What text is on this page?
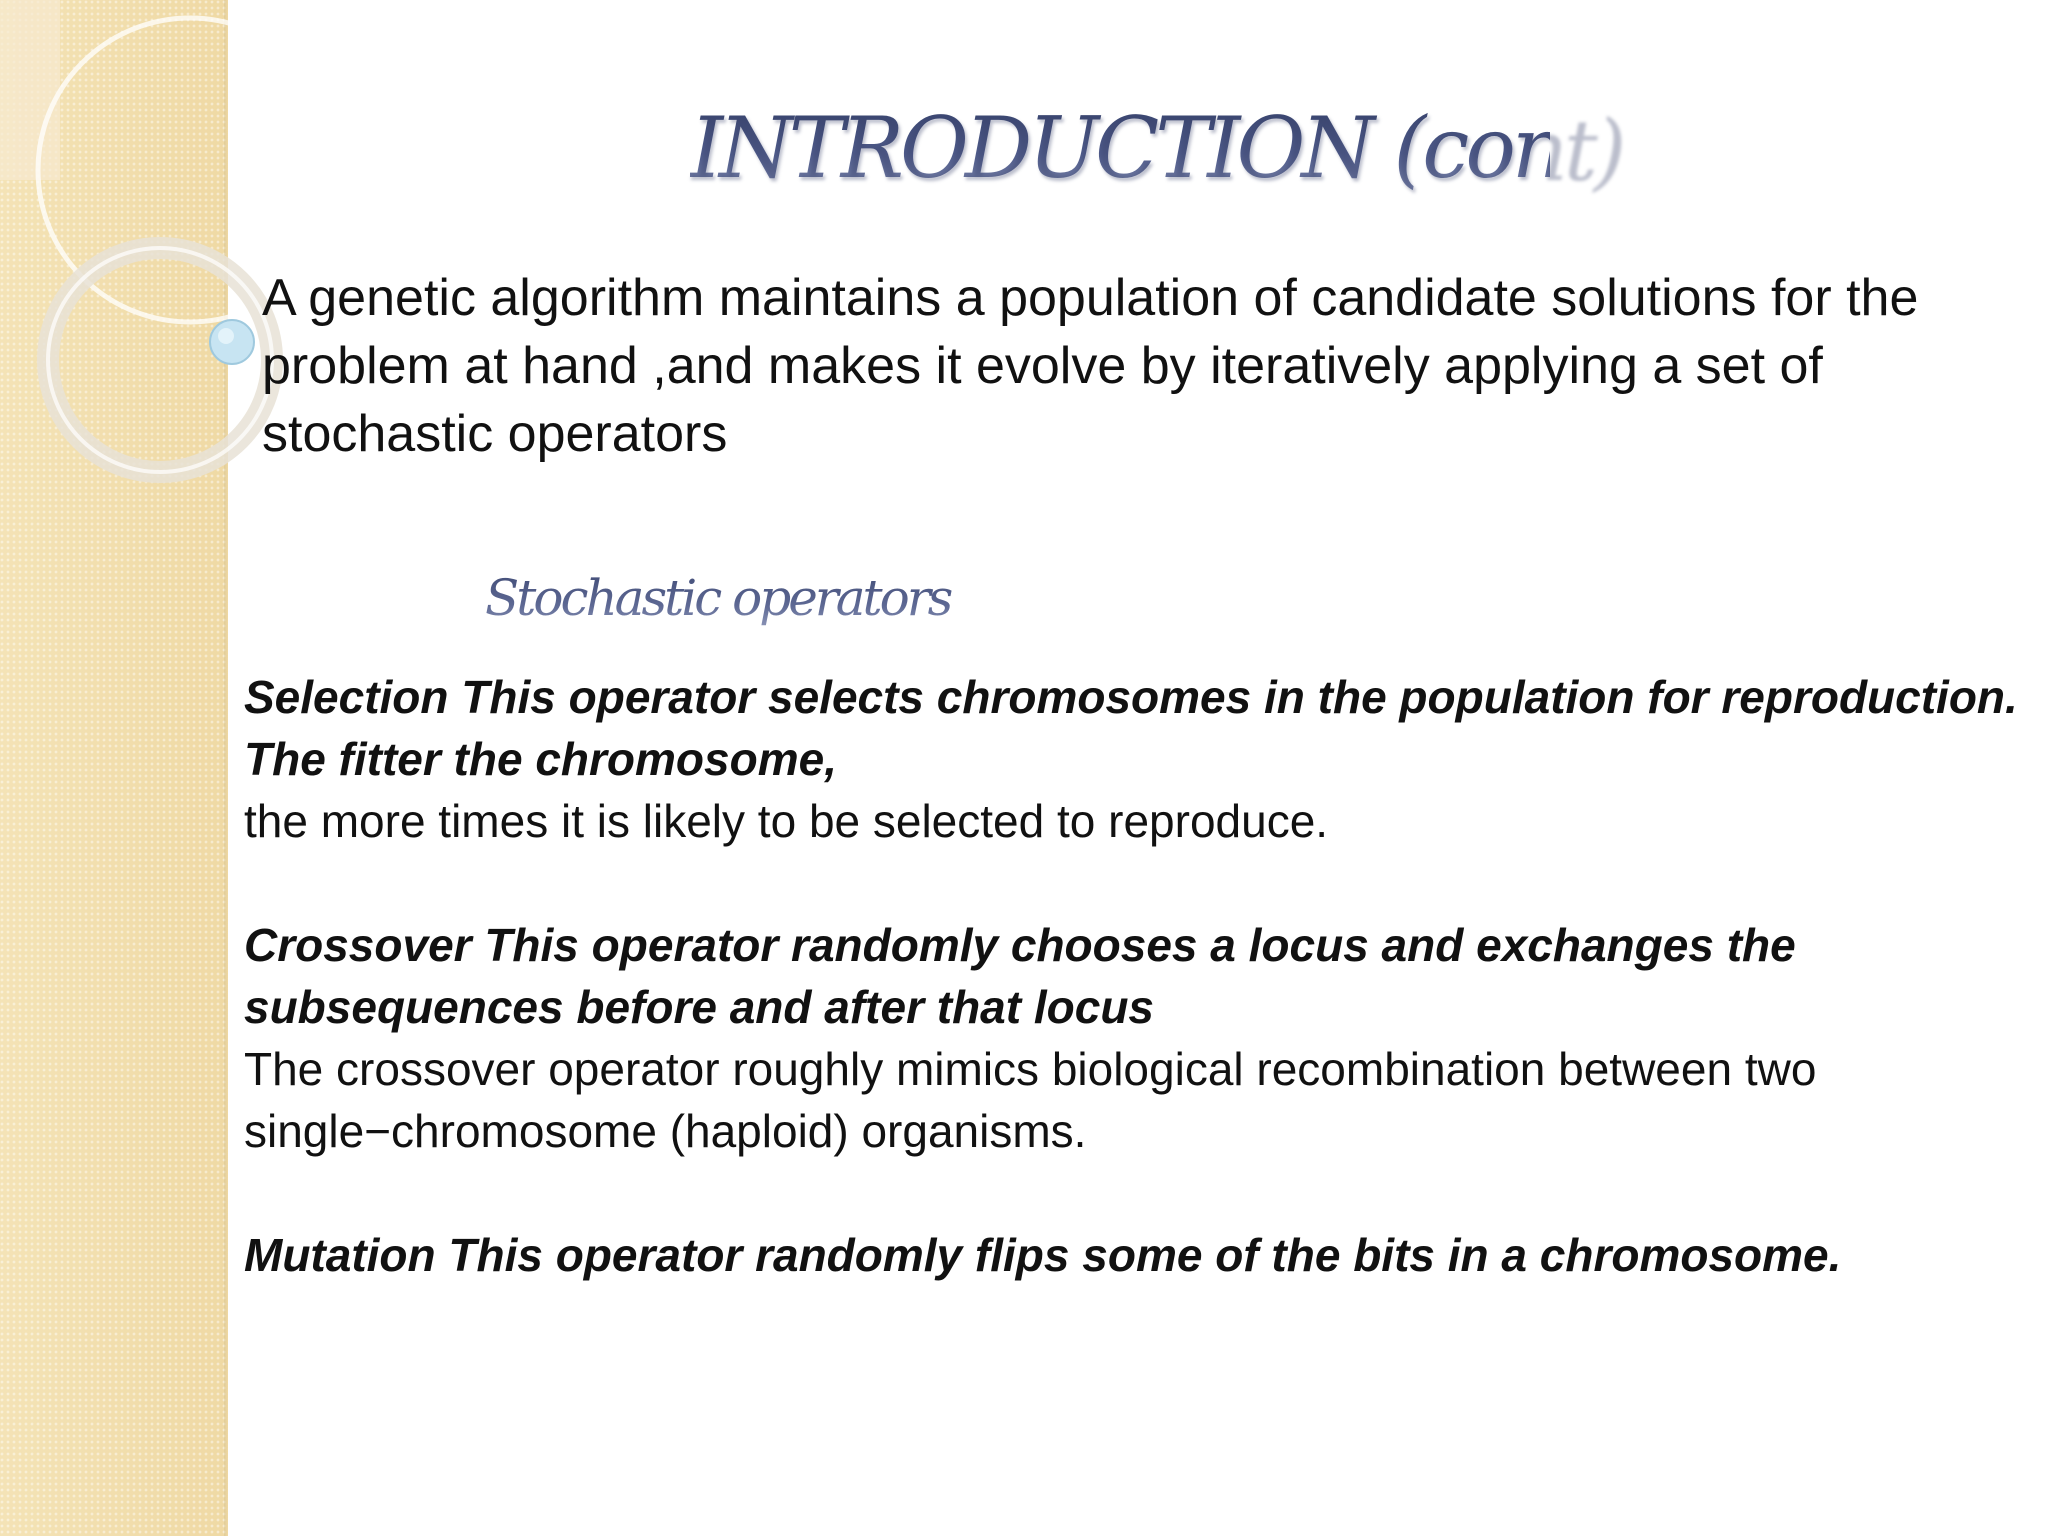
INTRODUCTION (cont)
A genetic algorithm maintains a population of candidate solutions for the problem at hand ,and makes it evolve by iteratively applying a set of stochastic operators
Stochastic operators
Selection This operator selects chromosomes in the population for reproduction. The fitter the chromosome,
the more times it is likely to be selected to reproduce.
Crossover This operator randomly chooses a locus and exchanges the subsequences before and after that locus
The crossover operator roughly mimics biological recombination between two single−chromosome (haploid) organisms.
Mutation This operator randomly flips some of the bits in a chromosome.
